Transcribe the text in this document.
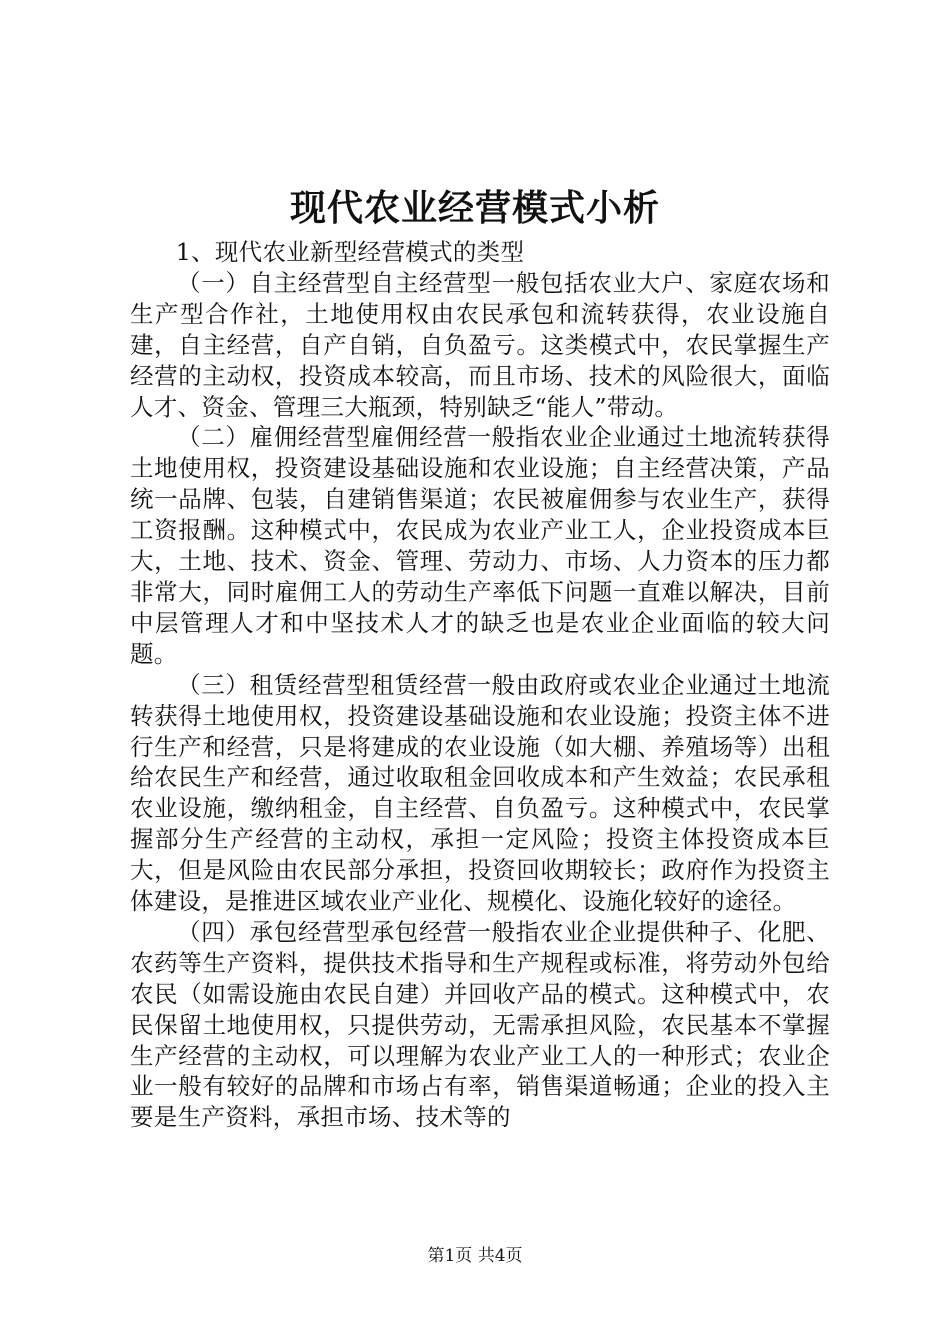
现代农业经营模式小析

1、现代农业新型经营模式的类型

（一）自主经营型自主经营型一般包括农业大户、家庭农场和生产型合作社，土地使用权由农民承包和流转获得，农业设施自建，自主经营，自产自销，自负盈亏。这类模式中，农民掌握生产经营的主动权，投资成本较高，而且市场、技术的风险很大，面临人才、资金、管理三大瓶颈，特别缺乏“能人”带动。

（二）雇佣经营型雇佣经营一般指农业企业通过土地流转获得土地使用权，投资建设基础设施和农业设施；自主经营决策，产品统一品牌、包装，自建销售渠道；农民被雇佣参与农业生产，获得工资报酬。这种模式中，农民成为农业产业工人，企业投资成本巨大，土地、技术、资金、管理、劳动力、市场、人力资本的压力都非常大，同时雇佣工人的劳动生产率低下问题一直难以解决，目前中层管理人才和中坚技术人才的缺乏也是农业企业面临的较大问题。

（三）租赁经营型租赁经营一般由政府或农业企业通过土地流转获得土地使用权，投资建设基础设施和农业设施；投资主体不进行生产和经营，只是将建成的农业设施（如大棚、养殖场等）出租给农民生产和经营，通过收取租金回收成本和产生效益；农民承租农业设施，缴纳租金，自主经营、自负盈亏。这种模式中，农民掌握部分生产经营的主动权，承担一定风险；投资主体投资成本巨大，但是风险由农民部分承担，投资回收期较长；政府作为投资主体建设，是推进区域农业产业化、规模化、设施化较好的途径。

（四）承包经营型承包经营一般指农业企业提供种子、化肥、农药等生产资料，提供技术指导和生产规程或标准，将劳动外包给农民（如需设施由农民自建）并回收产品的模式。这种模式中，农民保留土地使用权，只提供劳动，无需承担风险，农民基本不掌握生产经营的主动权，可以理解为农业产业工人的一种形式；农业企业一般有较好的品牌和市场占有率，销售渠道畅通；企业的投入主要是生产资料，承担市场、技术等的

第1页 共4页
